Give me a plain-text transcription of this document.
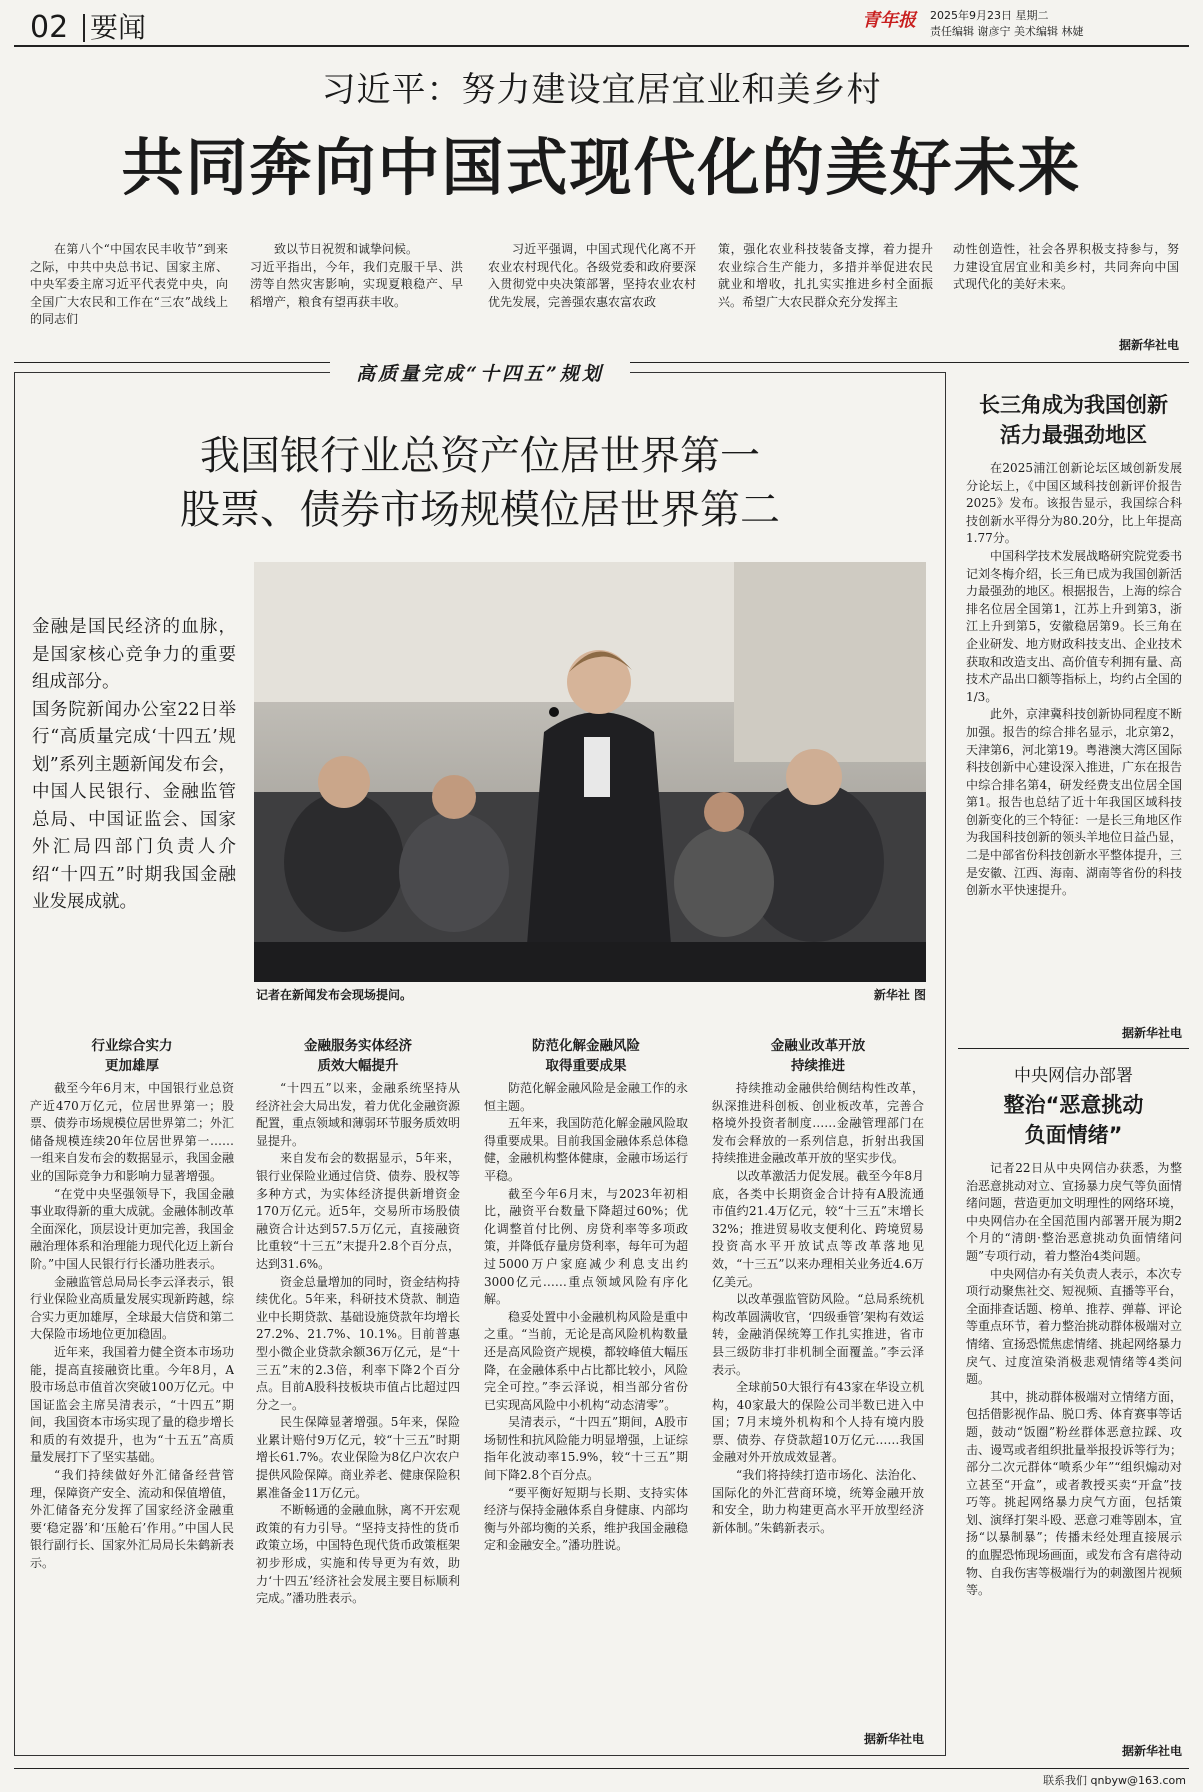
02 要闻	青年报 2025年9月23日 星期二
责任编辑 谢彦宁 美术编辑 林婕
习近平：努力建设宜居宜业和美乡村
共同奔向中国式现代化的美好未来

在第八个“中国农民丰收节”到来之际，中共中央总书记、国家主席、中央军委主席习近平代表党中央，向全国广大农民和工作在“三农”战线上的同志们

致以节日祝贺和诚挚问候。
习近平指出，今年，我们克服干旱、洪涝等自然灾害影响，实现夏粮稳产、早稻增产，粮食有望再获丰收。

习近平强调，中国式现代化离不开农业农村现代化。各级党委和政府要深入贯彻党中央决策部署，坚持农业农村优先发展，完善强农惠农富农政

策，强化农业科技装备支撑，着力提升农业综合生产能力，多措并举促进农民就业和增收，扎扎实实推进乡村全面振兴。希望广大农民群众充分发挥主

动性创造性，社会各界积极支持参与，努力建设宜居宜业和美乡村，共同奔向中国式现代化的美好未来。

据新华社电
高质量完成“十四五”规划
我国银行业总资产位居世界第一
股票、债券市场规模位居世界第二
金融是国民经济的血脉，是国家核心竞争力的重要组成部分。
国务院新闻办公室22日举行“高质量完成‘十四五’规划”系列主题新闻发布会，中国人民银行、金融监管总局、中国证监会、国家外汇局四部门负责人介绍“十四五”时期我国金融业发展成就。
记者在新闻发布会现场提问。	新华社 图
行业综合实力
更加雄厚

截至今年6月末，中国银行业总资产近470万亿元，位居世界第一；股票、债券市场规模位居世界第二；外汇储备规模连续20年位居世界第一……一组来自发布会的数据显示，我国金融业的国际竞争力和影响力显著增强。

“在党中央坚强领导下，我国金融事业取得新的重大成就。金融体制改革全面深化，顶层设计更加完善，我国金融治理体系和治理能力现代化迈上新台阶。”中国人民银行行长潘功胜表示。

金融监管总局局长李云泽表示，银行业保险业高质量发展实现新跨越，综合实力更加雄厚，全球最大信贷和第二大保险市场地位更加稳固。

近年来，我国着力健全资本市场功能，提高直接融资比重。今年8月，A股市场总市值首次突破100万亿元。中国证监会主席吴清表示，“十四五”期间，我国资本市场实现了量的稳步增长和质的有效提升，也为“十五五”高质量发展打下了坚实基础。

“我们持续做好外汇储备经营管理，保障资产安全、流动和保值增值，外汇储备充分发挥了国家经济金融重要‘稳定器’和‘压舱石’作用。”中国人民银行副行长、国家外汇局局长朱鹤新表示。

金融服务实体经济
质效大幅提升

“十四五”以来，金融系统坚持从经济社会大局出发，着力优化金融资源配置，重点领域和薄弱环节服务质效明显提升。

来自发布会的数据显示，5年来，银行业保险业通过信贷、债券、股权等多种方式，为实体经济提供新增资金170万亿元。近5年，交易所市场股债融资合计达到57.5万亿元，直接融资比重较“十三五”末提升2.8个百分点，达到31.6%。

资金总量增加的同时，资金结构持续优化。5年来，科研技术贷款、制造业中长期贷款、基础设施贷款年均增长27.2%、21.7%、10.1%。目前普惠型小微企业贷款余额36万亿元，是“十三五”末的2.3倍，利率下降2个百分点。目前A股科技板块市值占比超过四分之一。

民生保障显著增强。5年来，保险业累计赔付9万亿元，较“十三五”时期增长61.7%。农业保险为8亿户次农户提供风险保障。商业养老、健康保险积累准备金11万亿元。

不断畅通的金融血脉，离不开宏观政策的有力引导。“坚持支持性的货币政策立场，中国特色现代货币政策框架初步形成，实施和传导更为有效，助力‘十四五’经济社会发展主要目标顺利完成。”潘功胜表示。

防范化解金融风险
取得重要成果

防范化解金融风险是金融工作的永恒主题。

五年来，我国防范化解金融风险取得重要成果。目前我国金融体系总体稳健，金融机构整体健康，金融市场运行平稳。

截至今年6月末，与2023年初相比，融资平台数量下降超过60%；优化调整首付比例、房贷利率等多项政策，并降低存量房贷利率，每年可为超过5000万户家庭减少利息支出约3000亿元……重点领域风险有序化解。

稳妥处置中小金融机构风险是重中之重。“当前，无论是高风险机构数量还是高风险资产规模，都较峰值大幅压降，在金融体系中占比都比较小，风险完全可控。”李云泽说，相当部分省份已实现高风险中小机构“动态清零”。

吴清表示，“十四五”期间，A股市场韧性和抗风险能力明显增强，上证综指年化波动率15.9%，较“十三五”期间下降2.8个百分点。

“要平衡好短期与长期、支持实体经济与保持金融体系自身健康、内部均衡与外部均衡的关系，维护我国金融稳定和金融安全。”潘功胜说。

金融业改革开放
持续推进

持续推动金融供给侧结构性改革，纵深推进科创板、创业板改革，完善合格境外投资者制度……金融管理部门在发布会释放的一系列信息，折射出我国持续推进金融改革开放的坚实步伐。

以改革激活力促发展。截至今年8月底，各类中长期资金合计持有A股流通市值约21.4万亿元，较“十三五”末增长32%；推进贸易收支便利化、跨境贸易投资高水平开放试点等改革落地见效，“十三五”以来办理相关业务近4.6万亿美元。

以改革强监管防风险。“总局系统机构改革圆满收官，‘四级垂管’架构有效运转，金融消保统筹工作扎实推进，省市县三级防非打非机制全面覆盖。”李云泽表示。

全球前50大银行有43家在华设立机构，40家最大的保险公司半数已进入中国；7月末境外机构和个人持有境内股票、债券、存贷款超10万亿元……我国金融对外开放成效显著。

“我们将持续打造市场化、法治化、国际化的外汇营商环境，统筹金融开放和安全，助力构建更高水平开放型经济新体制。”朱鹤新表示。

据新华社电
长三角成为我国创新
活力最强劲地区

在2025浦江创新论坛区域创新发展分论坛上，《中国区域科技创新评价报告2025》发布。该报告显示，我国综合科技创新水平得分为80.20分，比上年提高1.77分。

中国科学技术发展战略研究院党委书记刘冬梅介绍，长三角已成为我国创新活力最强劲的地区。根据报告，上海的综合排名位居全国第1，江苏上升到第3，浙江上升到第5，安徽稳居第9。长三角在企业研发、地方财政科技支出、企业技术获取和改造支出、高价值专利拥有量、高技术产品出口额等指标上，均约占全国的1/3。

此外，京津冀科技创新协同程度不断加强。报告的综合排名显示，北京第2，天津第6，河北第19。粤港澳大湾区国际科技创新中心建设深入推进，广东在报告中综合排名第4，研发经费支出位居全国第1。报告也总结了近十年我国区域科技创新变化的三个特征：一是长三角地区作为我国科技创新的领头羊地位日益凸显，二是中部省份科技创新水平整体提升，三是安徽、江西、海南、湖南等省份的科技创新水平快速提升。

据新华社电
中央网信办部署
整治“恶意挑动
负面情绪”

记者22日从中央网信办获悉，为整治恶意挑动对立、宣扬暴力戾气等负面情绪问题，营造更加文明理性的网络环境，中央网信办在全国范围内部署开展为期2个月的“清朗·整治恶意挑动负面情绪问题”专项行动，着力整治4类问题。

中央网信办有关负责人表示，本次专项行动聚焦社交、短视频、直播等平台，全面排查话题、榜单、推荐、弹幕、评论等重点环节，着力整治挑动群体极端对立情绪、宣扬恐慌焦虑情绪、挑起网络暴力戾气、过度渲染消极悲观情绪等4类问题。

其中，挑动群体极端对立情绪方面，包括借影视作品、脱口秀、体育赛事等话题，鼓动“饭圈”粉丝群体恶意拉踩、攻击、谩骂或者组织批量举报投诉等行为；部分二次元群体“喷系少年”“组织煽动对立甚至“开盒”，或者教授买卖“开盒”技巧等。挑起网络暴力戾气方面，包括策划、演绎打架斗殴、恶意刁难等剧本，宣扬“以暴制暴”；传播未经处理直接展示的血腥恐怖现场画面，或发布含有虐待动物、自我伤害等极端行为的刺激图片视频等。

据新华社电
联系我们 qnbyw@163.com
